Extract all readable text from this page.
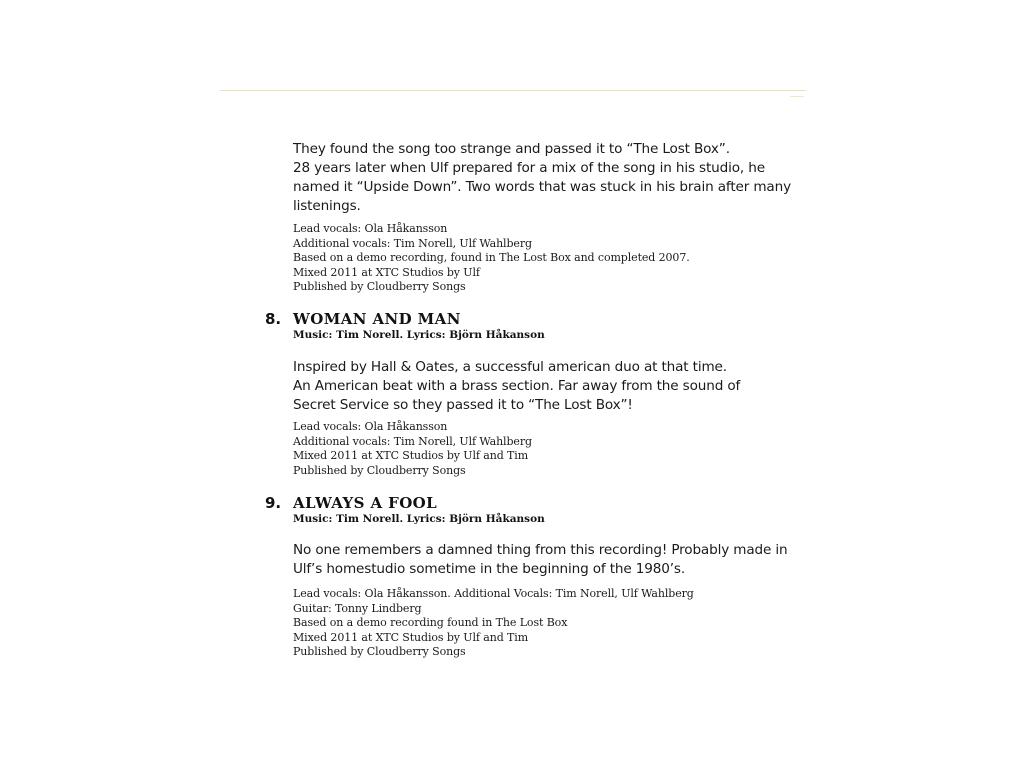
They found the song too strange and passed it to “The Lost Box”.
28 years later when Ulf prepared for a mix of the song in his studio, he
named it “Upside Down”. Two words that was stuck in his brain after many
listenings.
Lead vocals: Ola Håkansson
Additional vocals: Tim Norell, Ulf Wahlberg
Based on a demo recording, found in The Lost Box and completed 2007.
Mixed 2011 at XTC Studios by Ulf
Published by Cloudberry Songs
8. WOMAN AND MAN
Music: Tim Norell. Lyrics: Björn Håkanson
Inspired by Hall & Oates, a successful american duo at that time.
An American beat with a brass section. Far away from the sound of
Secret Service so they passed it to “The Lost Box”!
Lead vocals: Ola Håkansson
Additional vocals: Tim Norell, Ulf Wahlberg
Mixed 2011 at XTC Studios by Ulf and Tim
Published by Cloudberry Songs
9. ALWAYS A FOOL
Music: Tim Norell. Lyrics: Björn Håkanson
No one remembers a damned thing from this recording! Probably made in
Ulf’s homestudio sometime in the beginning of the 1980’s.
Lead vocals: Ola Håkansson. Additional Vocals: Tim Norell, Ulf Wahlberg
Guitar: Tonny Lindberg
Based on a demo recording found in The Lost Box
Mixed 2011 at XTC Studios by Ulf and Tim
Published by Cloudberry Songs
